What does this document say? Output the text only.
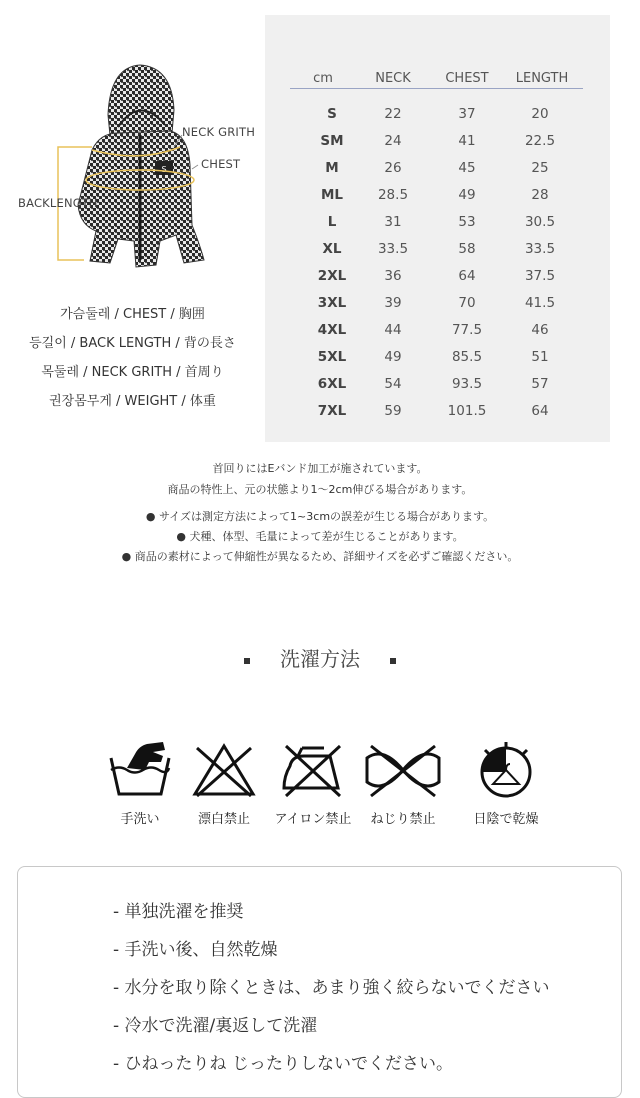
S
NECK GRITH
CHEST
BACKLENGTH
가슴둘레 / CHEST / 胸囲
등길이 / BACK LENGTH / 背の長さ
목둘레 / NECK GRITH / 首周り
권장몸무게 / WEIGHT / 体重
cm	NECK	CHEST	LENGTH
S	22	37	20
SM	24	41	22.5
M	26	45	25
ML	28.5	49	28
L	31	53	30.5
XL	33.5	58	33.5
2XL	36	64	37.5
3XL	39	70	41.5
4XL	44	77.5	46
5XL	49	85.5	51
6XL	54	93.5	57
7XL	59	101.5	64
首回りにはEバンド加工が施されています。
商品の特性上、元の状態より1～2cm伸びる場合があります。
● サイズは測定方法によって1~3cmの誤差が生じる場合があります。
● 犬種、体型、毛量によって差が生じることがあります。
● 商品の素材によって伸縮性が異なるため、詳細サイズを必ずご確認ください。
洗濯方法
手洗い	漂白禁止	アイロン禁止	ねじり禁止	日陰で乾燥
- 単独洗濯を推奨
- 手洗い後、自然乾燥
- 水分を取り除くときは、あまり強く絞らないでください
- 冷水で洗濯/裏返して洗濯
- ひねったりね じったりしないでください。
